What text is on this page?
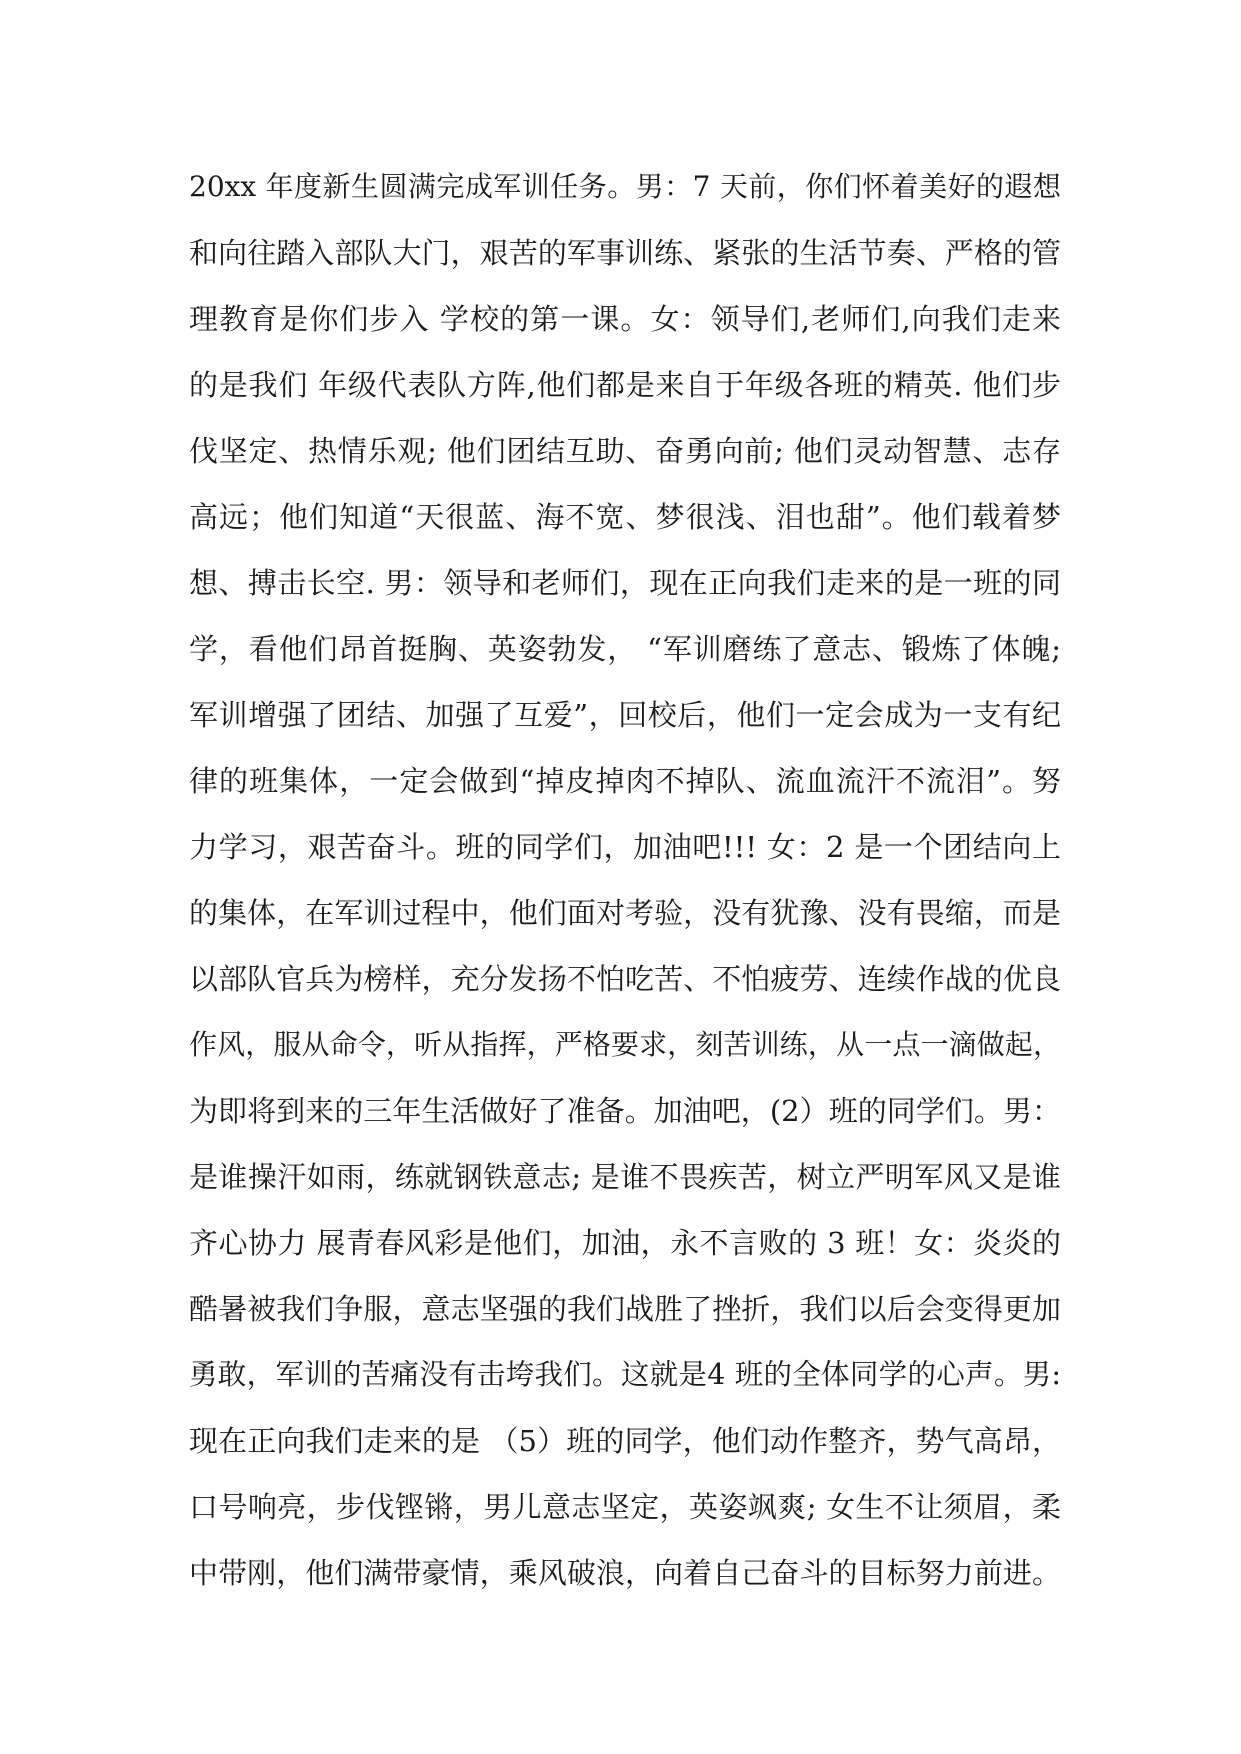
20xx 年度新生圆满完成军训任务。男：7 天前，你们怀着美好的遐想
和向往踏入部队大门，艰苦的军事训练、紧张的生活节奏、严格的管
理教育是你们步入 学校的第一课。女：领导们,老师们,向我们走来
的是我们 年级代表队方阵,他们都是来自于年级各班的精英. 他们步
伐坚定、热情乐观; 他们团结互助、奋勇向前; 他们灵动智慧、志存
高远；他们知道“天很蓝、海不宽、梦很浅、泪也甜”。他们载着梦
想、搏击长空. 男：领导和老师们，现在正向我们走来的是一班的同
学，看他们昂首挺胸、英姿勃发， “军训磨练了意志、锻炼了体魄;
军训增强了团结、加强了互爱”，回校后，他们一定会成为一支有纪
律的班集体，一定会做到“掉皮掉肉不掉队、流血流汗不流泪”。努
力学习，艰苦奋斗。班的同学们，加油吧!!! 女：2 是一个团结向上
的集体，在军训过程中，他们面对考验，没有犹豫、没有畏缩，而是
以部队官兵为榜样，充分发扬不怕吃苦、不怕疲劳、连续作战的优良
作风，服从命令，听从指挥，严格要求，刻苦训练，从一点一滴做起，
为即将到来的三年生活做好了准备。加油吧，(2）班的同学们。男：
是谁操汗如雨，练就钢铁意志; 是谁不畏疾苦，树立严明军风又是谁
齐心协力 展青春风彩是他们，加油，永不言败的 3 班！女：炎炎的
酷暑被我们争服，意志坚强的我们战胜了挫折，我们以后会变得更加
勇敢，军训的苦痛没有击垮我们。这就是4 班的全体同学的心声。男:
现在正向我们走来的是 （5）班的同学，他们动作整齐，势气高昂，
口号响亮，步伐铿锵，男儿意志坚定，英姿飒爽; 女生不让须眉，柔
中带刚，他们满带豪情，乘风破浪，向着自己奋斗的目标努力前进。
